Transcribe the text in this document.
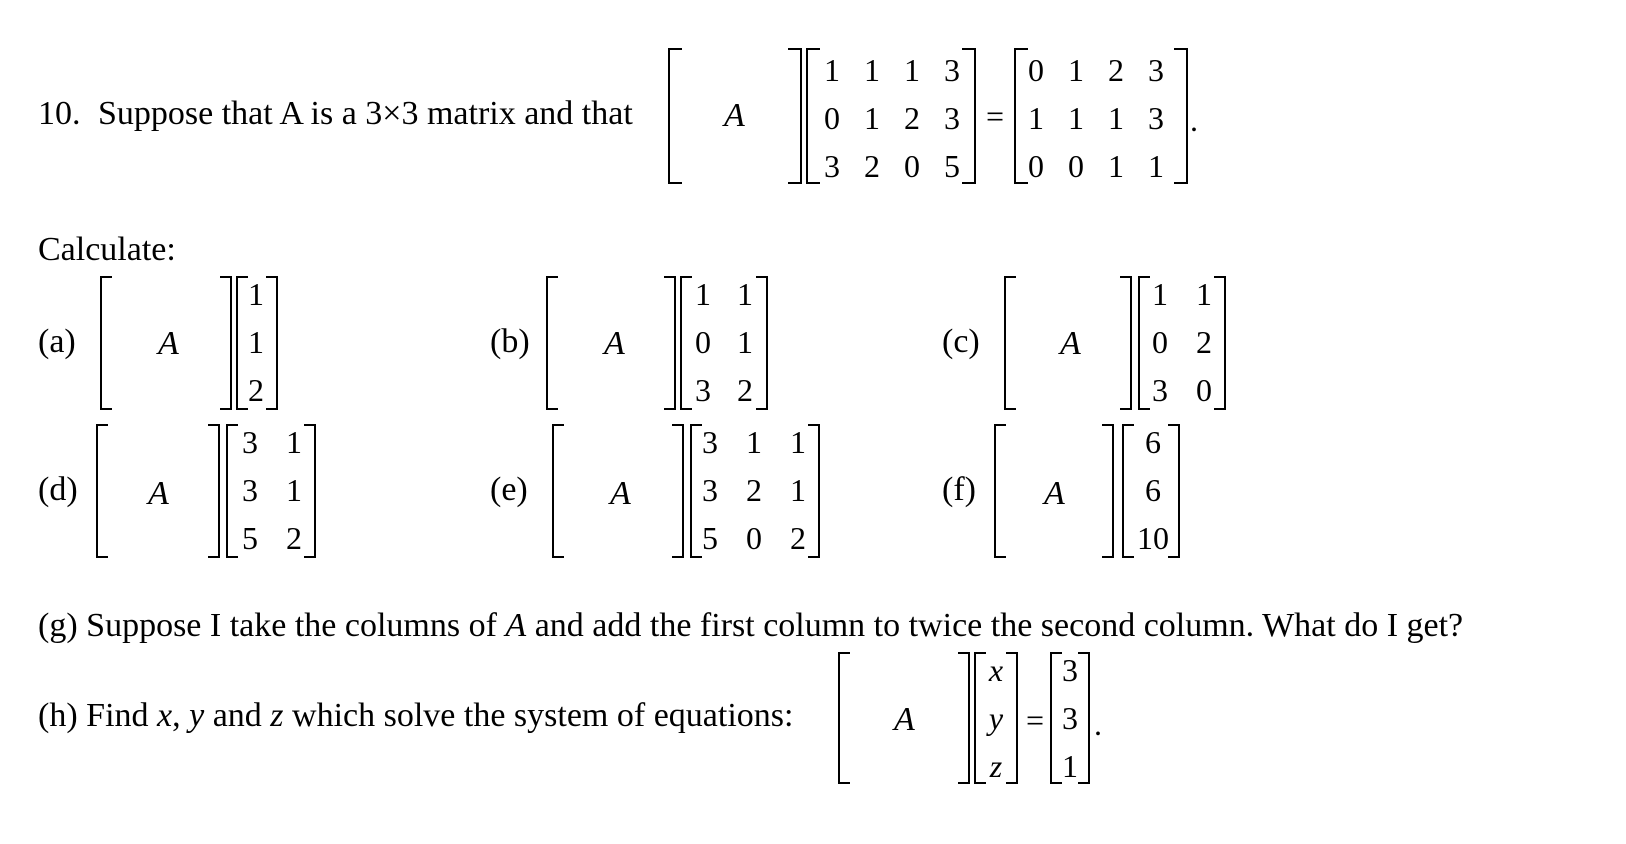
10. Suppose that A is a 3×3 matrix and that	A
1 1 1 3
0 1 2 3
3 2 0 5
=
0 1 2 3
1 1 1 3
0 0 1 1
.
Calculate:
(a) A
1
1
2
(b) A
1 1
0 1
3 2
(c) A
1 1
0 2
3 0
(d) A
3 1
3 1
5 2
(e) A
3 1 1
3 2 1
5 0 2
(f) A
6
6
10
(g) Suppose I take the columns of A and add the first column to twice the second column. What do I get?
(h) Find x, y and z which solve the system of equations:	A
x
y
z
=
3
3
1
.
